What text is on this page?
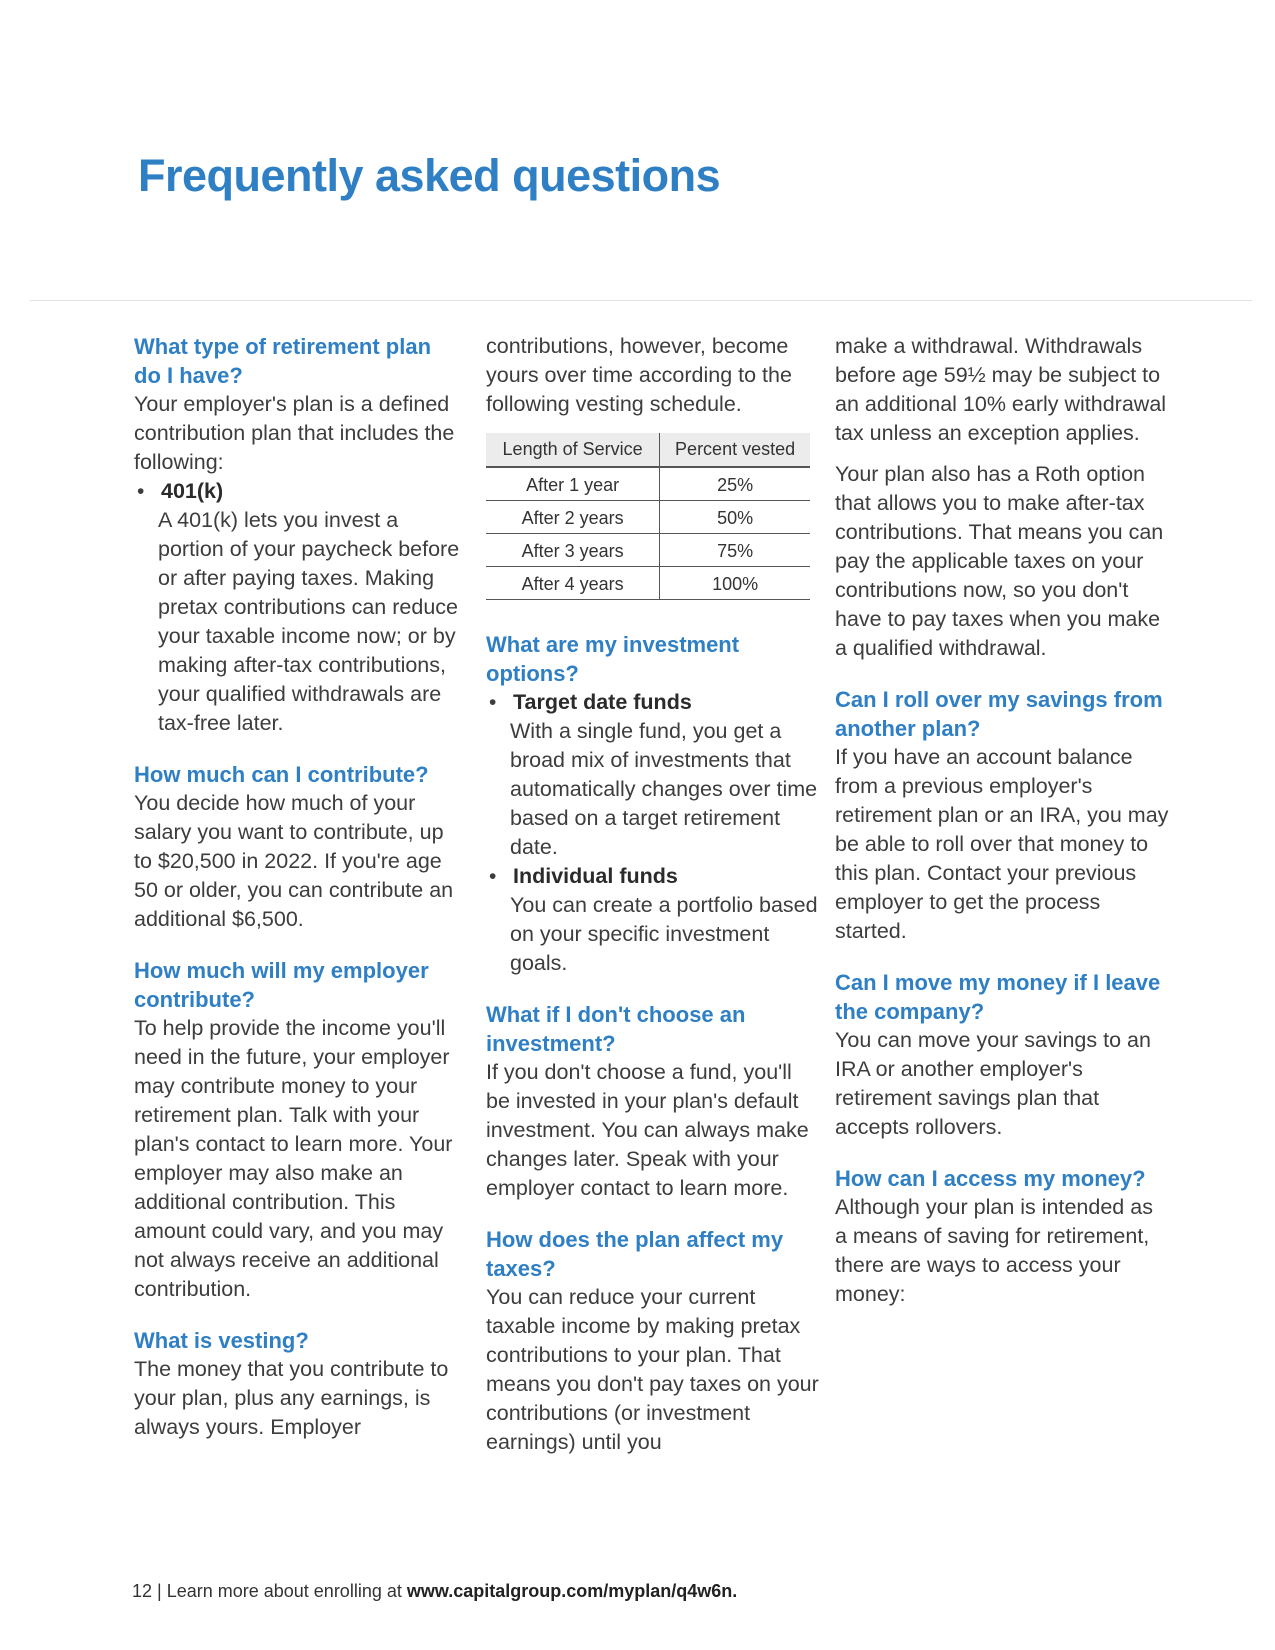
Frequently asked questions
What type of retirement plan do I have?

Your employer's plan is a defined contribution plan that includes the following:

• 401(k)

A 401(k) lets you invest a portion of your paycheck before or after paying taxes. Making pretax contributions can reduce your taxable income now; or by making after-tax contributions, your qualified withdrawals are tax-free later.

How much can I contribute?

You decide how much of your salary you want to contribute, up to $20,500 in 2022. If you're age 50 or older, you can contribute an additional $6,500.

How much will my employer contribute?

To help provide the income you'll need in the future, your employer may contribute money to your retirement plan. Talk with your plan's contact to learn more. Your employer may also make an additional contribution. This amount could vary, and you may not always receive an additional contribution.

What is vesting?

The money that you contribute to your plan, plus any earnings, is always yours. Employer

contributions, however, become yours over time according to the following vesting schedule.

Length of Service	Percent vested
After 1 year	25%
After 2 years	50%
After 3 years	75%
After 4 years	100%
What are my investment options?
• Target date funds

With a single fund, you get a broad mix of investments that automatically changes over time based on a target retirement date.

• Individual funds

You can create a portfolio based on your specific investment goals.

What if I don't choose an investment?

If you don't choose a fund, you'll be invested in your plan's default investment. You can always make changes later. Speak with your employer contact to learn more.

How does the plan affect my taxes?

You can reduce your current taxable income by making pretax contributions to your plan. That means you don't pay taxes on your contributions (or investment earnings) until you

make a withdrawal. Withdrawals before age 59½ may be subject to an additional 10% early withdrawal tax unless an exception applies.

Your plan also has a Roth option that allows you to make after-tax contributions. That means you can pay the applicable taxes on your contributions now, so you don't have to pay taxes when you make a qualified withdrawal.

Can I roll over my savings from another plan?

If you have an account balance from a previous employer's retirement plan or an IRA, you may be able to roll over that money to this plan. Contact your previous employer to get the process started.

Can I move my money if I leave the company?

You can move your savings to an IRA or another employer's retirement savings plan that accepts rollovers.

How can I access my money?

Although your plan is intended as a means of saving for retirement, there are ways to access your money:

12 | Learn more about enrolling at www.capitalgroup.com/myplan/q4w6n.
